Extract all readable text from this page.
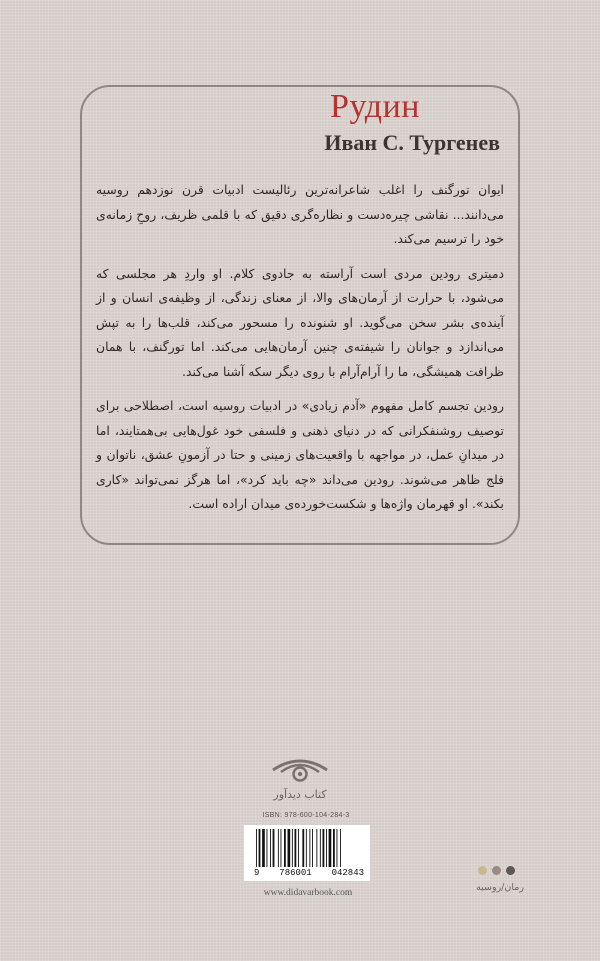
Рудин
Иван С. Тургенев

ایوان تورگنف را اغلب شاعرانه‌ترین رئالیست ادبیات قرن نوزدهم روسیه می‌دانند... نقاشی چیره‌دست و نظاره‌گری دقیق که با قلمی ظریف، روحِ زمانه‌ی خود را ترسیم می‌کند.

دمیتری رودین مردی است آراسته به جادوی کلام. او واردِ هر مجلسی که می‌شود، با حرارت از آرمان‌های والا، از معنای زندگی، از وظیفه‌ی انسان و از آینده‌ی بشر سخن می‌گوید. او شنونده را مسحور می‌کند، قلب‌ها را به تپش می‌اندازد و جوانان را شیفته‌ی چنین آرمان‌هایی می‌کند. اما تورگنف، با همان ظرافت همیشگی، ما را آرام‌آرام با روی دیگر سکه آشنا می‌کند.

رودین تجسم کامل مفهوم «آدم زیادی» در ادبیات روسیه است، اصطلاحی برای توصیف روشنفکرانی که در دنیای ذهنی و فلسفی خود غول‌هایی بی‌همتایند، اما در میدانِ عمل، در مواجهه با واقعیت‌های زمینی و حتا در آزمونِ عشق، ناتوان و فلج ظاهر می‌شوند. رودین می‌داند «چه باید کرد»، اما هرگز نمی‌تواند «کاری بکند». او قهرمان واژه‌ها و شکست‌خورده‌ی میدان اراده است.

کتاب دیدآور
ISBN: 978-600-104-284-3
9 786001 042843
www.didavarbook.com	رمان/روسیه
